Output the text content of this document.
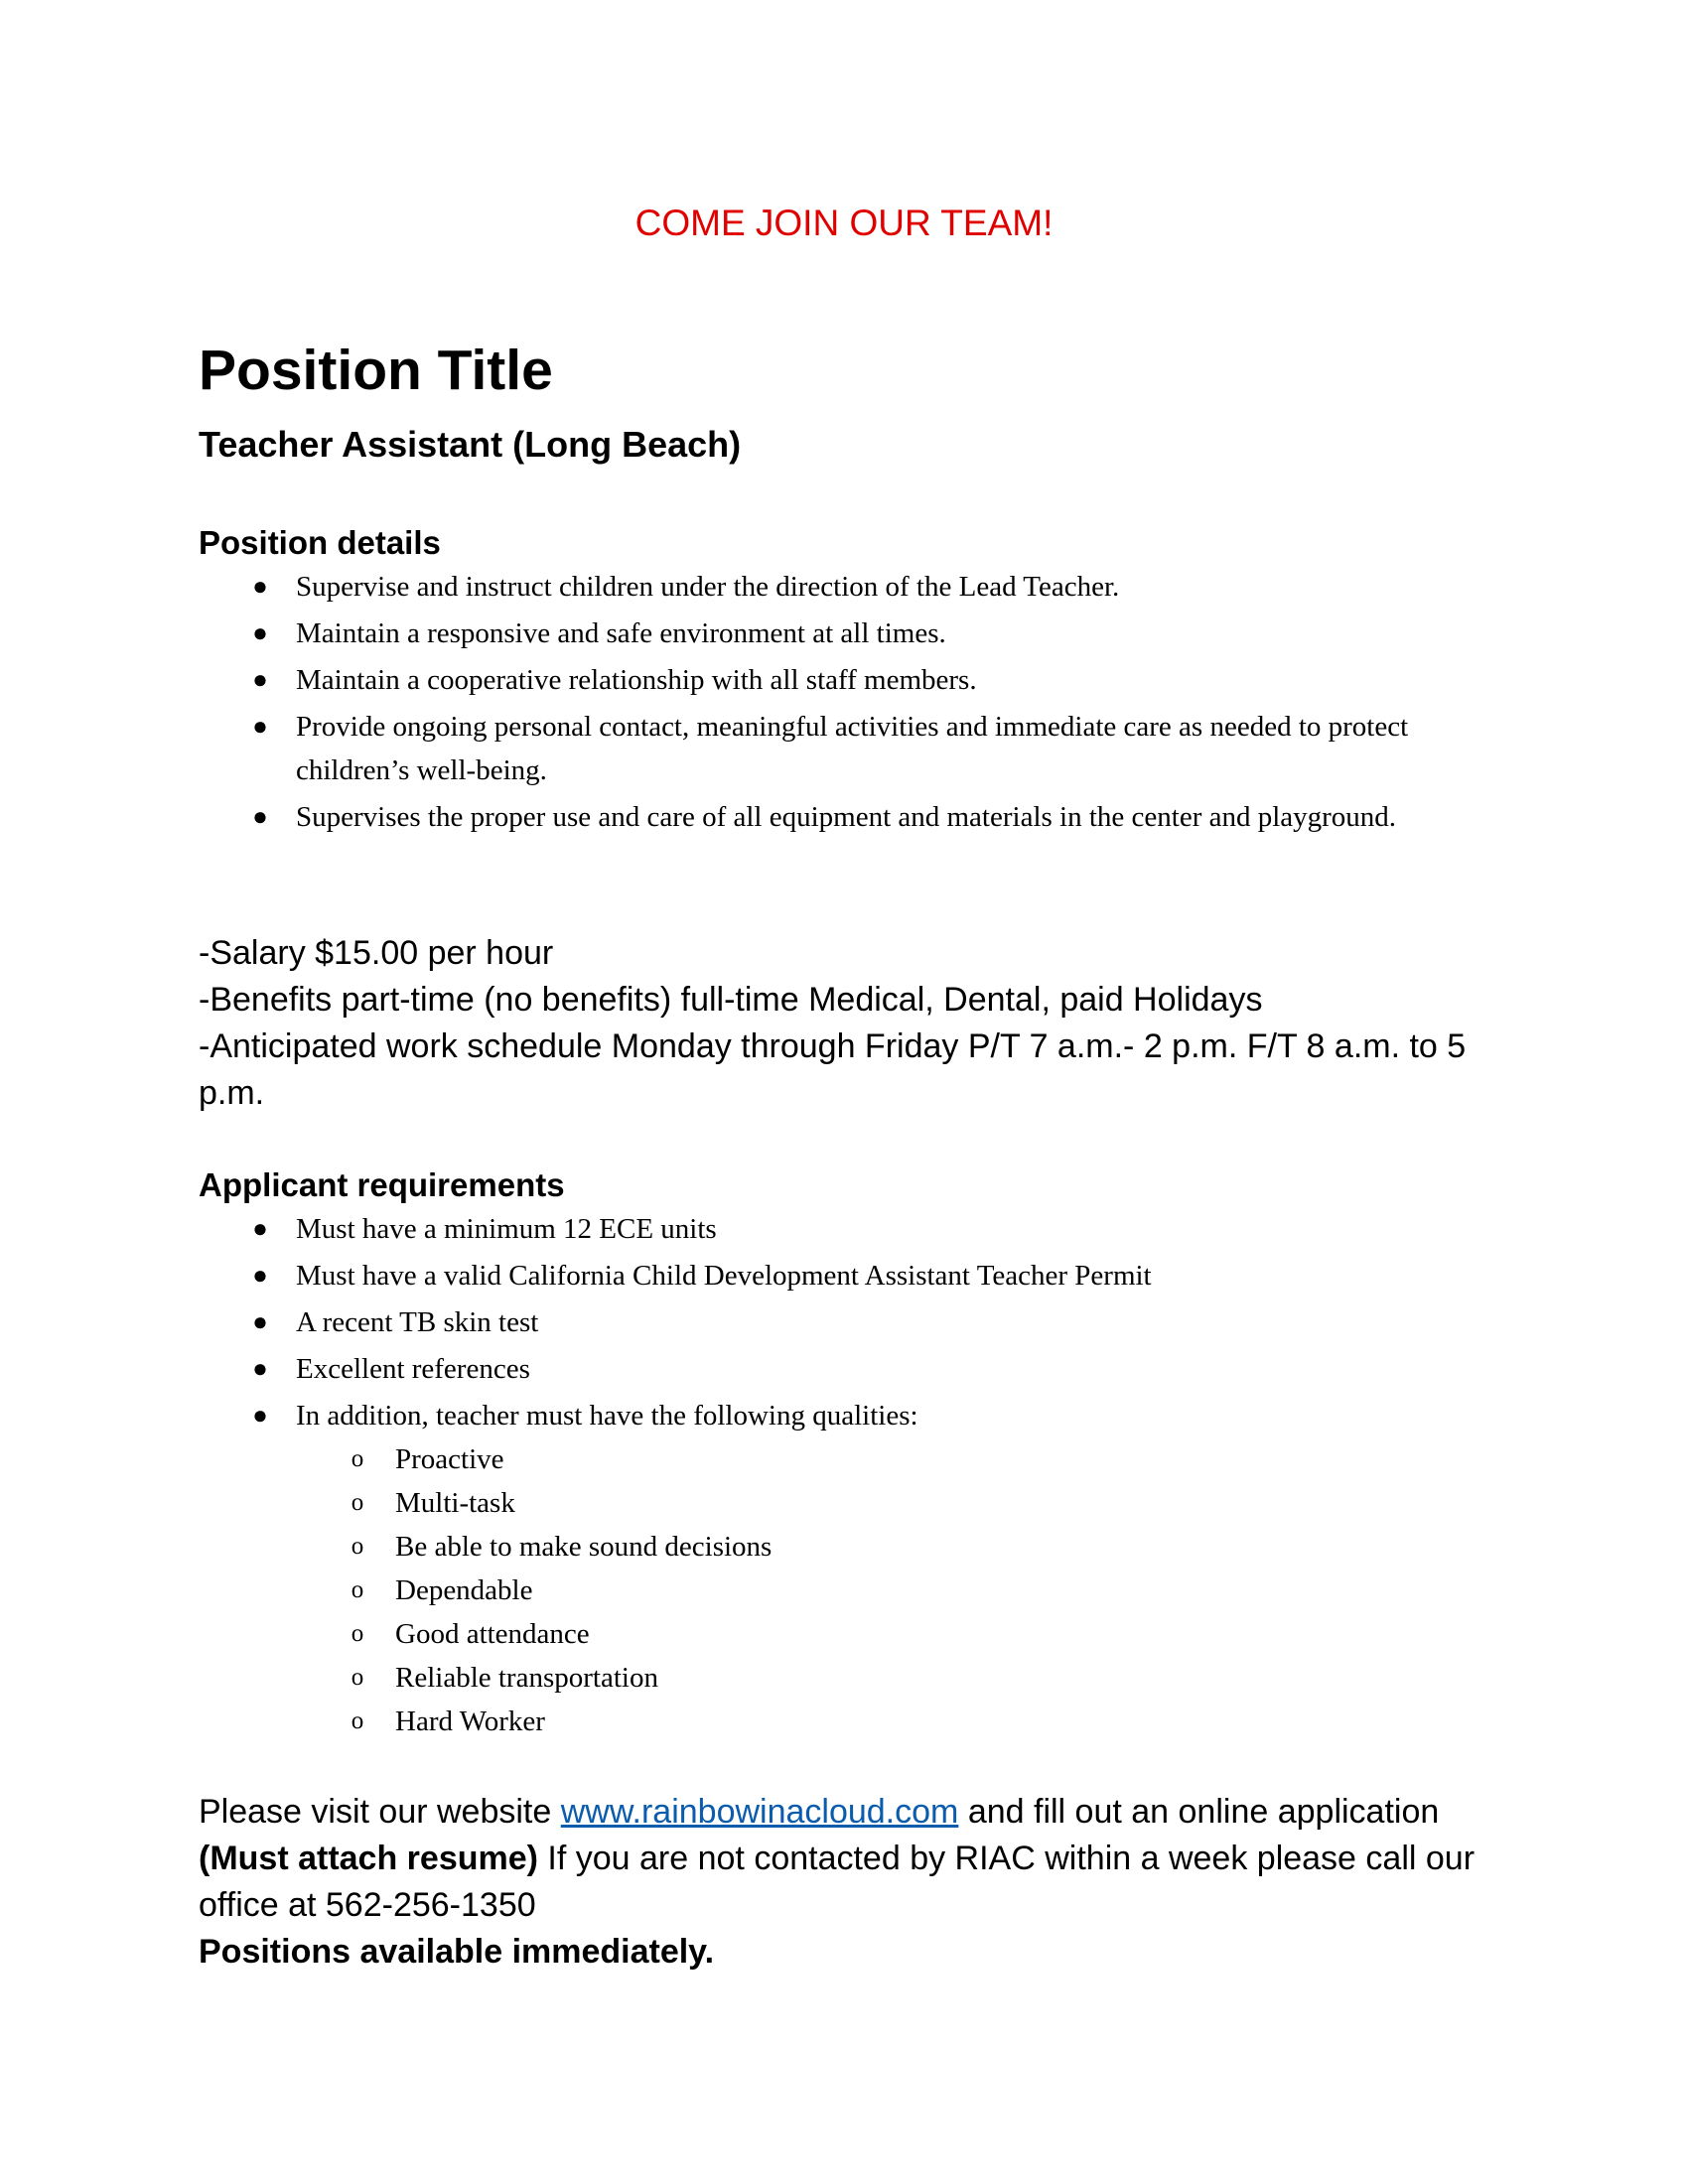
COME JOIN OUR TEAM!
Position Title
Teacher Assistant (Long Beach)
Position details
● Supervise and instruct children under the direction of the Lead Teacher.
● Maintain a responsive and safe environment at all times.
● Maintain a cooperative relationship with all staff members.
● Provide ongoing personal contact, meaningful activities and immediate care as needed to protect children’s well-being.
● Supervises the proper use and care of all equipment and materials in the center and playground.
-Salary $15.00 per hour
-Benefits part-time (no benefits) full-time Medical, Dental, paid Holidays
-Anticipated work schedule Monday through Friday P/T 7 a.m.- 2 p.m. F/T 8 a.m. to 5 p.m.
Applicant requirements
● Must have a minimum 12 ECE units
● Must have a valid California Child Development Assistant Teacher Permit
● A recent TB skin test
● Excellent references
● In addition, teacher must have the following qualities:
o Proactive
o Multi-task
o Be able to make sound decisions
o Dependable
o Good attendance
o Reliable transportation
o Hard Worker
Please visit our website www.rainbowinacloud.com and fill out an online application (Must attach resume) If you are not contacted by RIAC within a week please call our office at 562-256-1350
Positions available immediately.
